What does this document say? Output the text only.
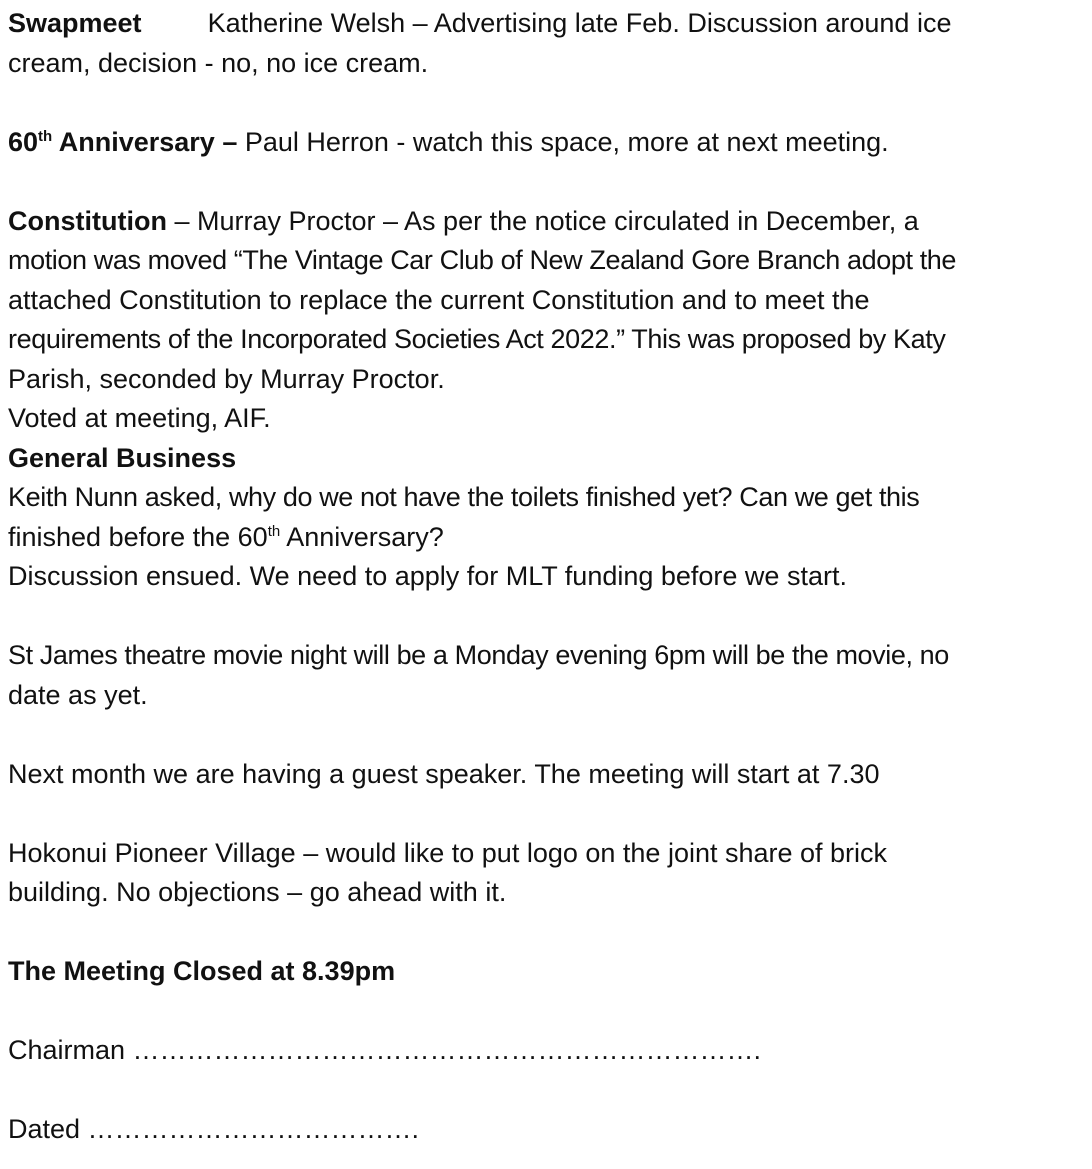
Swapmeet Katherine Welsh – Advertising late Feb. Discussion around ice

cream, decision - no, no ice cream.

60th Anniversary – Paul Herron - watch this space, more at next meeting.

Constitution – Murray Proctor – As per the notice circulated in December, a

motion was moved “The Vintage Car Club of New Zealand Gore Branch adopt the

attached Constitution to replace the current Constitution and to meet the

requirements of the Incorporated Societies Act 2022.” This was proposed by Katy

Parish, seconded by Murray Proctor.

Voted at meeting, AIF.

General Business

Keith Nunn asked, why do we not have the toilets finished yet? Can we get this

finished before the 60th Anniversary?

Discussion ensued. We need to apply for MLT funding before we start.

St James theatre movie night will be a Monday evening 6pm will be the movie, no

date as yet.

Next month we are having a guest speaker. The meeting will start at 7.30

Hokonui Pioneer Village – would like to put logo on the joint share of brick

building. No objections – go ahead with it.

The Meeting Closed at 8.39pm

Chairman …………………………………………………………….

Dated ……………………………….
